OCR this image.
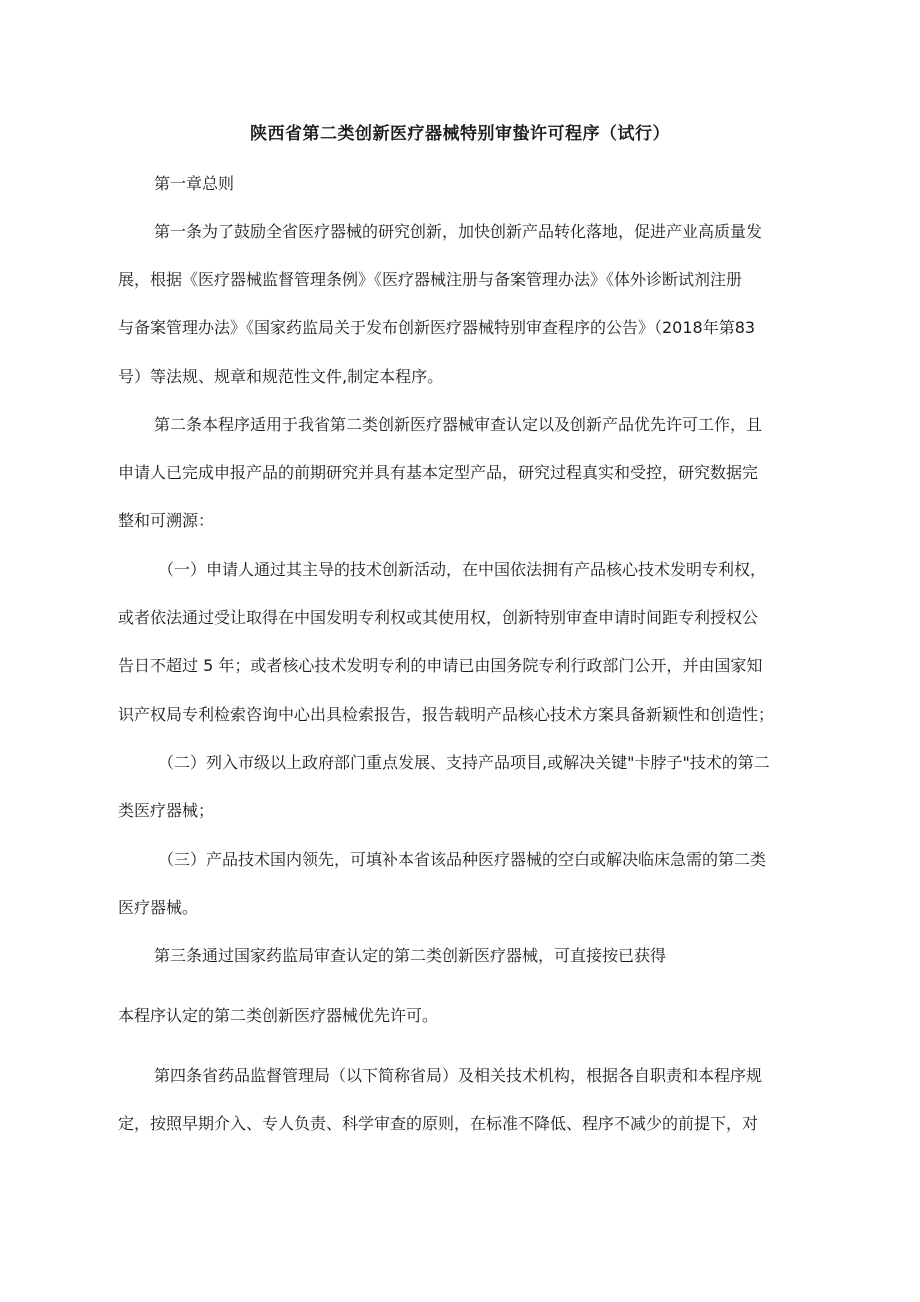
陕西省第二类创新医疗器械特别审蛰许可程序（试行）

第一章总则

第一条为了鼓励全省医疗器械的研究创新，加快创新产品转化落地，促进产业高质量发

展，根据《医疗器械监督管理条例》《医疗器械注册与备案管理办法》《体外诊断试剂注册

与备案管理办法》《国家药监局关于发布创新医疗器械特别审查程序的公告》（2018年第83

号）等法规、规章和规范性文件,制定本程序。

第二条本程序适用于我省第二类创新医疗器械审查认定以及创新产品优先许可工作，且

申请人已完成申报产品的前期研究并具有基本定型产品，研究过程真实和受控，研究数据完

整和可溯源：

（一）申请人通过其主导的技术创新活动，在中国依法拥有产品核心技术发明专利权，

或者依法通过受让取得在中国发明专利权或其使用权，创新特别审查申请时间距专利授权公

告日不超过 5 年；或者核心技术发明专利的申请已由国务院专利行政部门公开，并由国家知

识产权局专利检索咨询中心出具检索报告，报告载明产品核心技术方案具备新颖性和创造性；

（二）列入市级以上政府部门重点发展、支持产品项目,或解决关键"卡脖子"技术的第二

类医疗器械；

（三）产品技术国内领先，可填补本省该品种医疗器械的空白或解决临床急需的第二类

医疗器械。

第三条通过国家药监局审查认定的第二类创新医疗器械，可直接按已获得

本程序认定的第二类创新医疗器械优先许可。

第四条省药品监督管理局（以下简称省局）及相关技术机构，根据各自职责和本程序规

定，按照早期介入、专人负责、科学审查的原则，在标准不降低、程序不减少的前提下，对
